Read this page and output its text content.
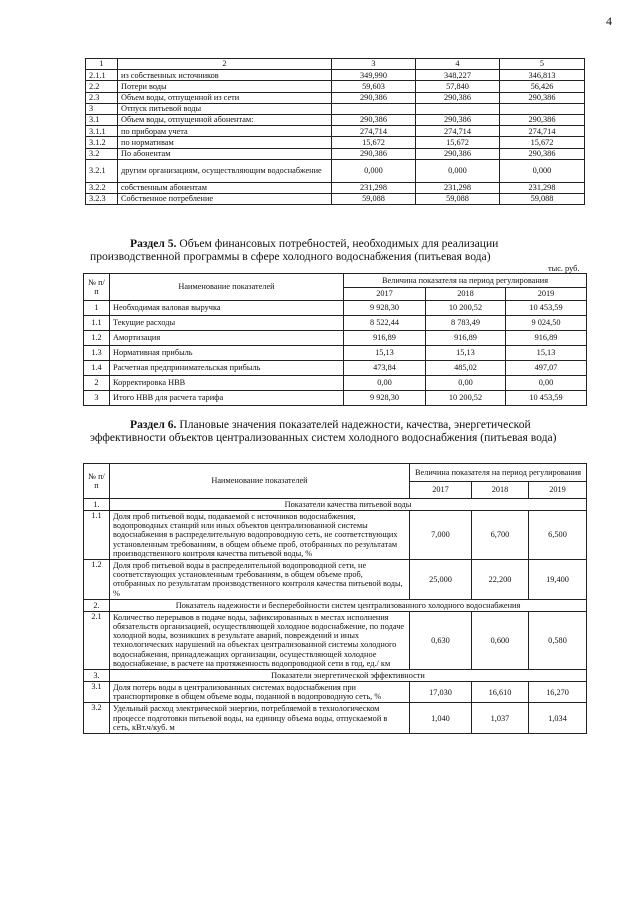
4
1	2	3	4	5
2.1.1	из собственных источников	349,990	348,227	346,813
2.2	Потери воды	59,603	57,840	56,426
2.3	Объем воды, отпущенной из сети	290,386	290,386	290,386
3	Отпуск питьевой воды			
3.1	Объем воды, отпущенной абонентам:	290,386	290,386	290,386
3.1.1	по приборам учета	274,714	274,714	274,714
3.1.2	по нормативам	15,672	15,672	15,672
3.2	По абонентам	290,386	290,386	290,386
3.2.1	другим организациям, осуществляющим водоснабжение	0,000	0,000	0,000
3.2.2	собственным абонентам	231,298	231,298	231,298
3.2.3	Собственное потребление	59,088	59,088	59,088
Раздел 5. Объем финансовых потребностей, необходимых для реализации производственной программы в сфере холодного водоснабжения (питьевая вода)
тыс. руб.
№ п/ п	Наименование показателей	Величина показателя на период регулирования		
		2017	2018	2019
1	Необходимая валовая выручка	9 928,30	10 200,52	10 453,59
1.1	Текущие расходы	8 522,44	8 783,49	9 024,50
1.2	Амортизация	916,89	916,89	916,89
1.3	Нормативная прибыль	15,13	15,13	15,13
1.4	Расчетная предпринимательская прибыль	473,84	485,02	497,07
2	Корректировка НВВ	0,00	0,00	0,00
3	Итого НВВ для расчета тарифа	9 928,30	10 200,52	10 453,59
Раздел 6. Плановые значения показателей надежности, качества, энергетической эффективности объектов централизованных систем холодного водоснабжения (питьевая вода)
№ п/п	Наименование показателей	Величина показателя на период регулирования		
		2017	2018	2019
1.	Показатели качества питьевой воды			
1.1	Доля проб питьевой воды, подаваемой с источников водоснабжения, водопроводных станций или иных объектов централизованной системы водоснабжения в распределительную водопроводную сеть, не соответствующих установленным требованиям, в общем объеме проб, отобранных по результатам производственного контроля качества питьевой воды, %	7,000	6,700	6,500
1.2	Доля проб питьевой воды в распределительной водопроводной сети, не соответствующих установленным требованиям, в общем объеме проб, отобранных по результатам производственного контроля качества питьевой воды, %	25,000	22,200	19,400
2.	Показатель надежности и бесперебойности систем централизованного холодного водоснабжения			
2.1	Количество перерывов в подаче воды, зафиксированных в местах исполнения обязательств организацией, осуществляющей холодное водоснабжение, по подаче холодной воды, возникших в результате аварий, повреждений и иных технологических нарушений на объектах централизованной системы холодного водоснабжения, принадлежащих организации, осуществляющей холодное водоснабжение, в расчете на протяженность водопроводной сети в год, ед./ км	0,630	0,600	0,580
3.	Показатели энергетической эффективности			
3.1	Доля потерь воды в централизованных системах водоснабжения при транспортировке в общем объеме воды, поданной в водопроводную сеть, %	17,030	16,610	16,270
3.2	Удельный расход электрической энергии, потребляемой в технологическом процессе подготовки питьевой воды, на единицу объема воды, отпускаемой в сеть, кВт.ч/куб. м	1,040	1,037	1,034
